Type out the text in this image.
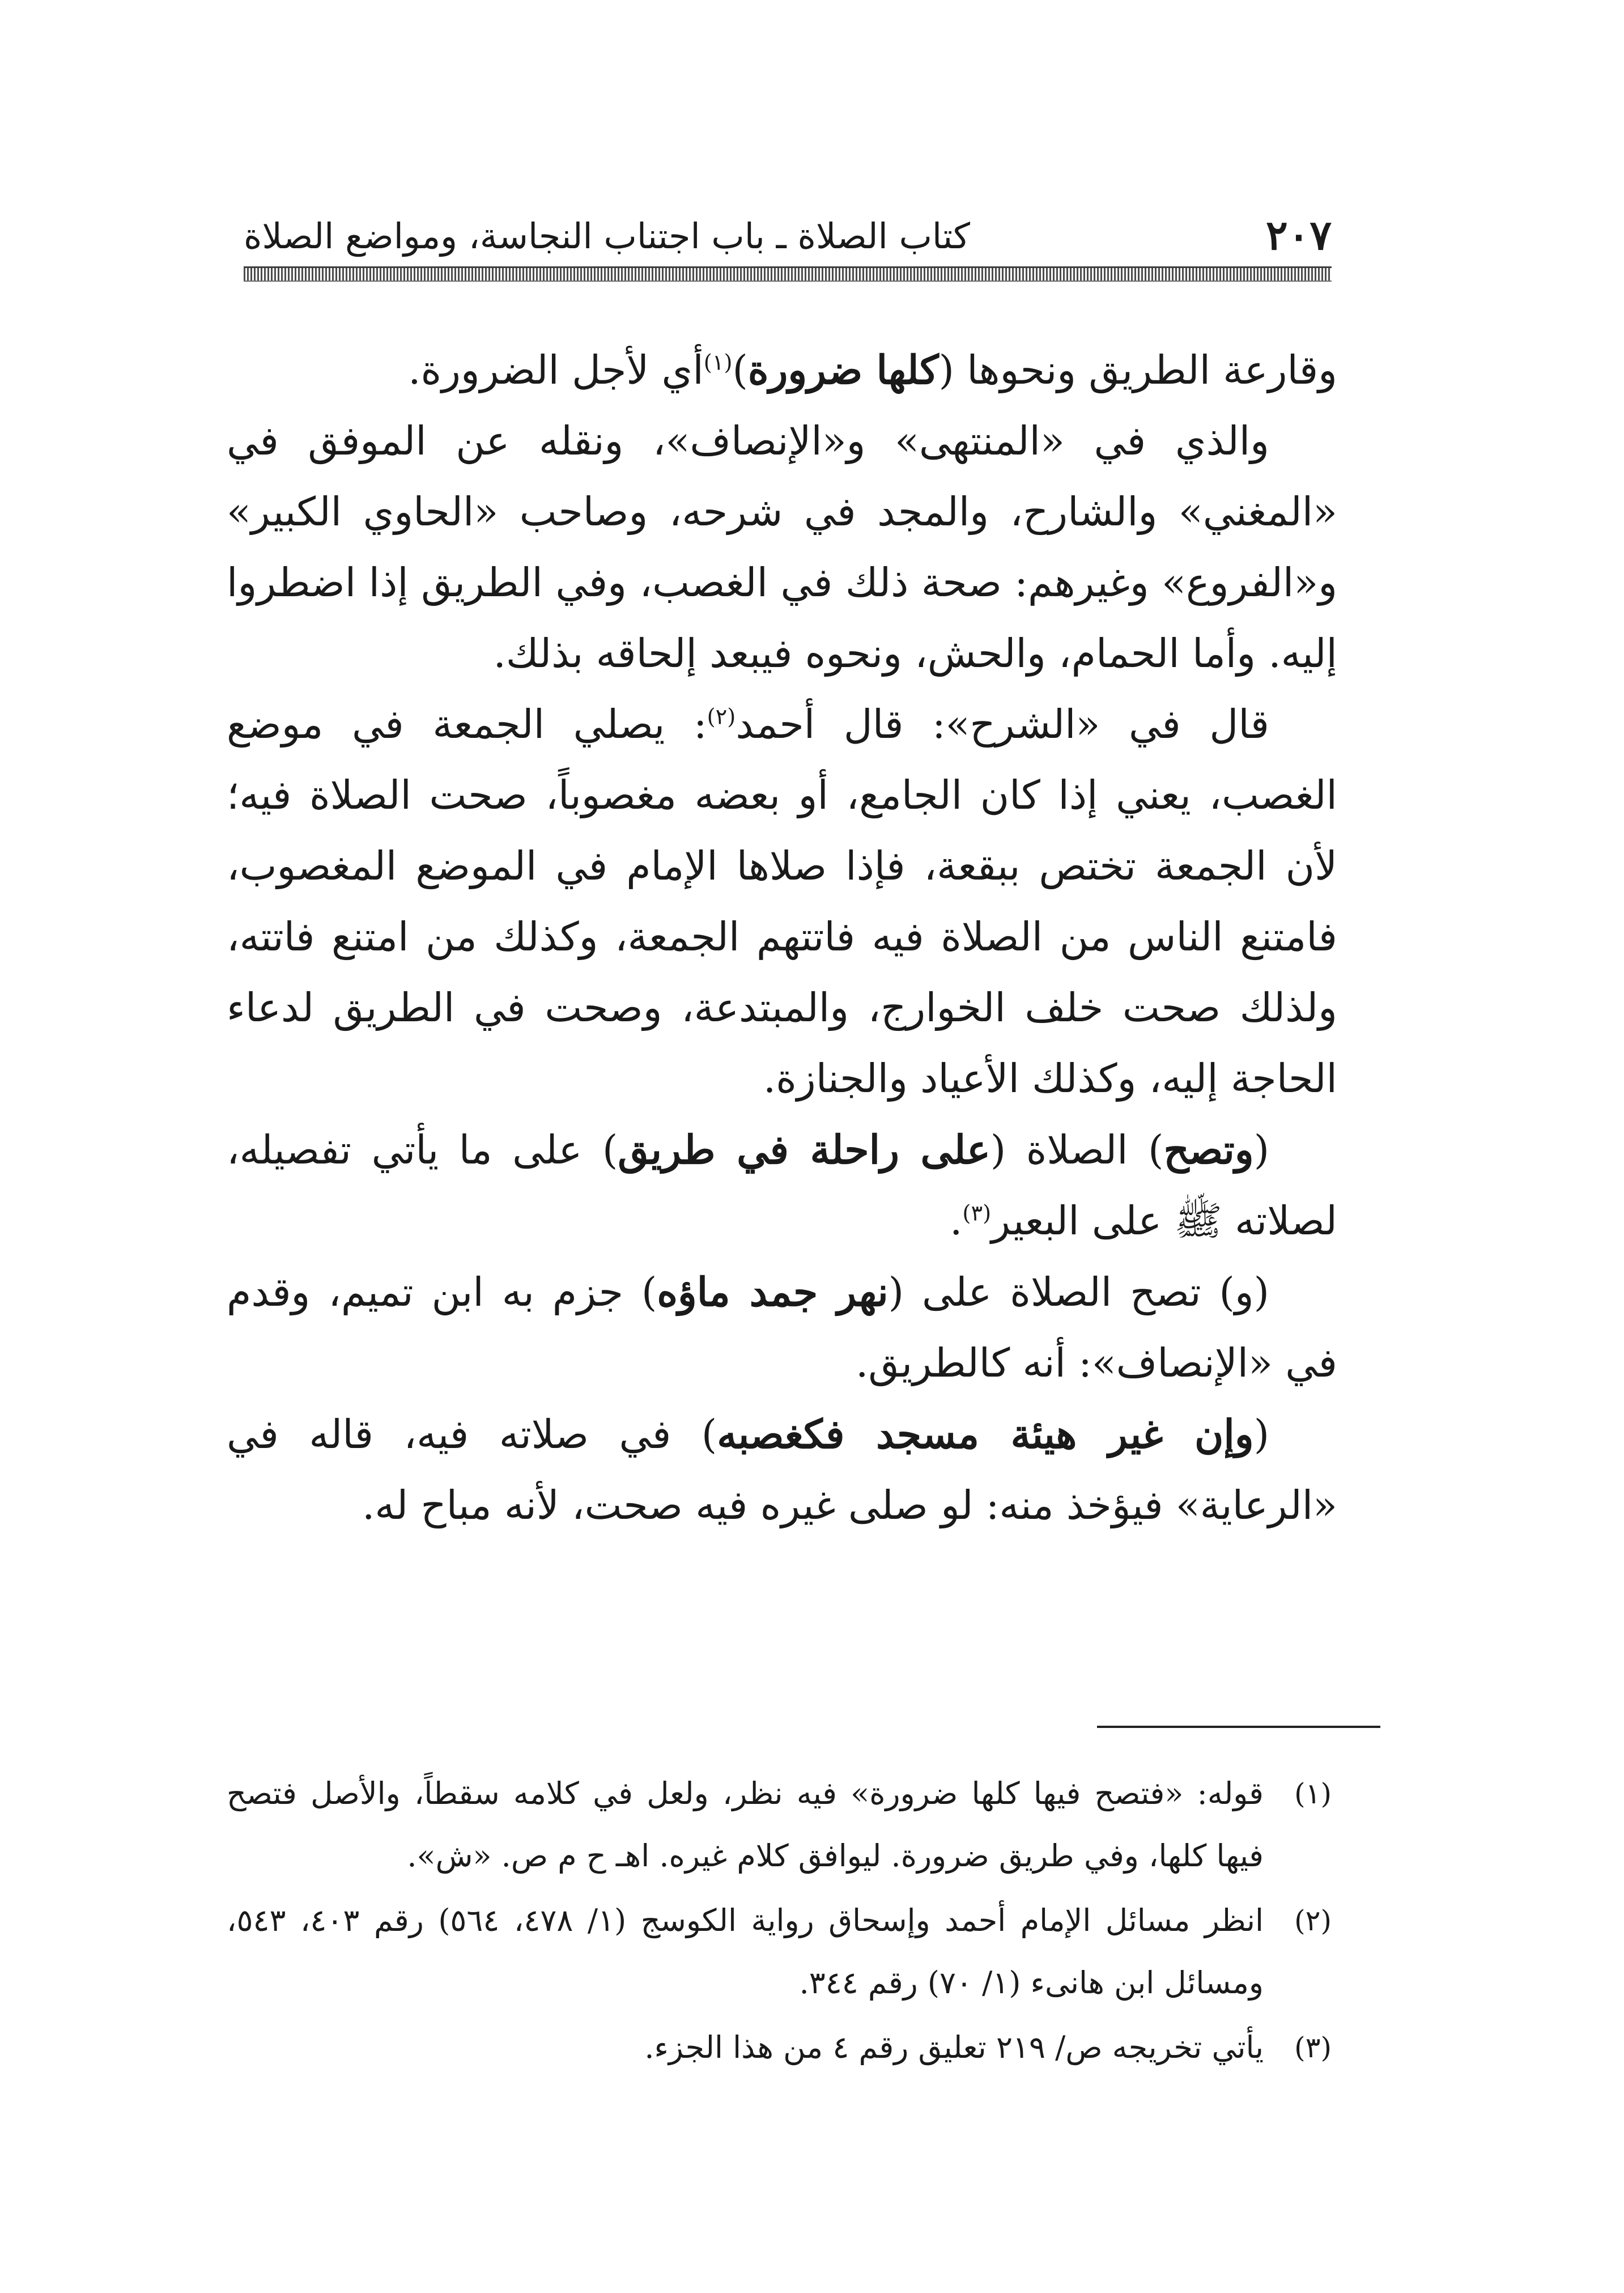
٢٠٧
كتاب الصلاة ـ باب اجتناب النجاسة، ومواضع الصلاة

وقارعة الطريق ونحوها (كلها ضرورة)$^{(١)}$أي لأجل الضرورة.

والذي في «المنتهى» و«الإنصاف»، ونقله عن الموفق في «المغني» والشارح، والمجد في شرحه، وصاحب «الحاوي الكبير» و«الفروع» وغيرهم: صحة ذلك في الغصب، وفي الطريق إذا اضطروا إليه. وأما الحمام، والحش، ونحوه فيبعد إلحاقه بذلك.

قال في «الشرح»: قال أحمد$^{(٢)}$: يصلي الجمعة في موضع الغصب، يعني إذا كان الجامع، أو بعضه مغصوباً، صحت الصلاة فيه؛ لأن الجمعة تختص ببقعة، فإذا صلاها الإمام في الموضع المغصوب، فامتنع الناس من الصلاة فيه فاتتهم الجمعة، وكذلك من امتنع فاتته، ولذلك صحت خلف الخوارج، والمبتدعة، وصحت في الطريق لدعاء الحاجة إليه، وكذلك الأعياد والجنازة.

(وتصح) الصلاة (على راحلة في طريق) على ما يأتي تفصيله، لصلاته ﷺ على البعير$^{(٣)}$.

(و) تصح الصلاة على (نهر جمد ماؤه) جزم به ابن تميم، وقدم في «الإنصاف»: أنه كالطريق.

(وإن غير هيئة مسجد فكغصبه) في صلاته فيه، قاله في «الرعاية» فيؤخذ منه: لو صلى غيره فيه صحت، لأنه مباح له.

(١)
قوله: «فتصح فيها كلها ضرورة» فيه نظر، ولعل في كلامه سقطاً، والأصل فتصح فيها كلها، وفي طريق ضرورة. ليوافق كلام غيره. اهـ ح م ص. «ش».

(٢)
انظر مسائل الإمام أحمد وإسحاق رواية الكوسج (١/ ٤٧٨، ٥٦٤) رقم ٤٠٣، ٥٤٣، ومسائل ابن هانىء (١/ ٧٠) رقم ٣٤٤.

(٣)
يأتي تخريجه ص/ ٢١٩ تعليق رقم ٤ من هذا الجزء.
